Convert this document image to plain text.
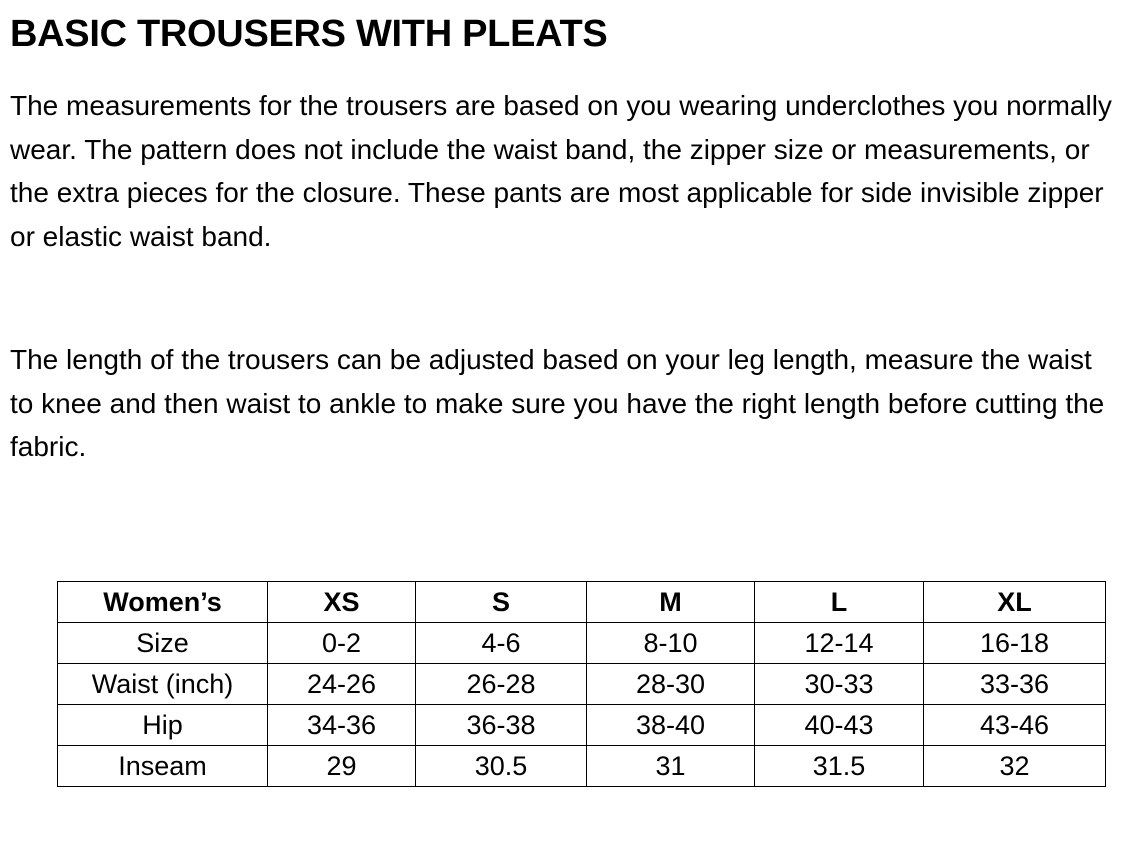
BASIC TROUSERS WITH PLEATS

The measurements for the trousers are based on you wearing underclothes you normally wear. The pattern does not include the waist band, the zipper size or measurements, or the extra pieces for the closure. These pants are most applicable for side invisible zipper or elastic waist band.

The length of the trousers can be adjusted based on your leg length, measure the waist to knee and then waist to ankle to make sure you have the right length before cutting the fabric.

Women’s	XS	S	M	L	XL
Size	0-2	4-6	8-10	12-14	16-18
Waist (inch)	24-26	26-28	28-30	30-33	33-36
Hip	34-36	36-38	38-40	40-43	43-46
Inseam	29	30.5	31	31.5	32
